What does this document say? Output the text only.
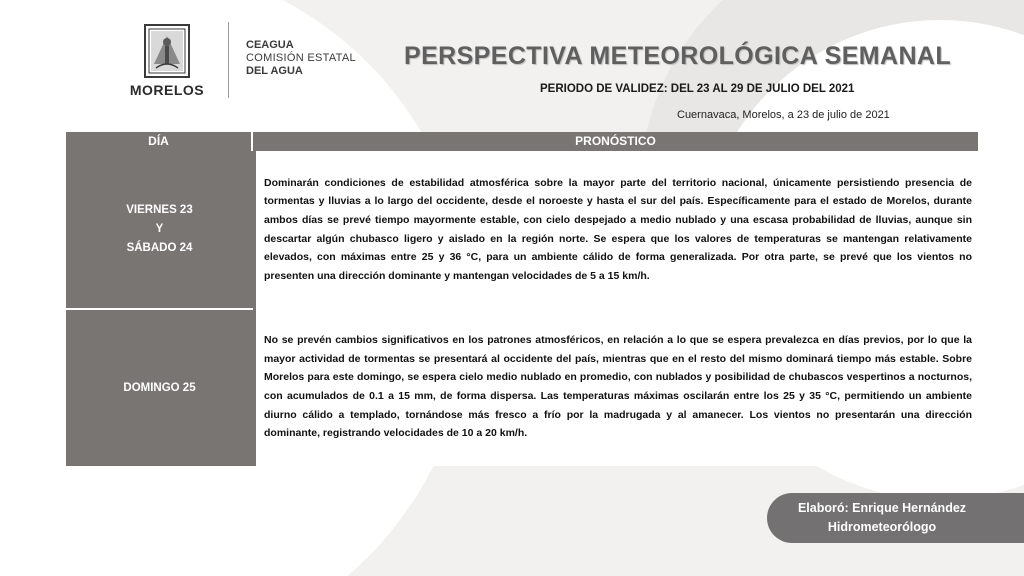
MORELOS
CEAGUA
COMISIÓN ESTATAL
DEL AGUA
PERSPECTIVA METEOROLÓGICA SEMANAL
PERIODO DE VALIDEZ: DEL 23 AL 29 DE JULIO DEL 2021
Cuernavaca, Morelos, a 23 de julio de 2021
DÍA	PRONÓSTICO
VIERNES 23
Y
SÁBADO 24

Dominarán condiciones de estabilidad atmosférica sobre la mayor parte del territorio nacional, únicamente persistiendo presencia de tormentas y lluvias a lo largo del occidente, desde el noroeste y hasta el sur del país. Específicamente para el estado de Morelos, durante ambos días se prevé tiempo mayormente estable, con cielo despejado a medio nublado y una escasa probabilidad de lluvias, aunque sin descartar algún chubasco ligero y aislado en la región norte. Se espera que los valores de temperaturas se mantengan relativamente elevados, con máximas entre 25 y 36 °C, para un ambiente cálido de forma generalizada. Por otra parte, se prevé que los vientos no presenten una dirección dominante y mantengan velocidades de 5 a 15 km/h.

DOMINGO 25

No se prevén cambios significativos en los patrones atmosféricos, en relación a lo que se espera prevalezca en días previos, por lo que la mayor actividad de tormentas se presentará al occidente del país, mientras que en el resto del mismo dominará tiempo más estable. Sobre Morelos para este domingo, se espera cielo medio nublado en promedio, con nublados y posibilidad de chubascos vespertinos a nocturnos, con acumulados de 0.1 a 15 mm, de forma dispersa. Las temperaturas máximas oscilarán entre los 25 y 35 °C, permitiendo un ambiente diurno cálido a templado, tornándose más fresco a frío por la madrugada y al amanecer. Los vientos no presentarán una dirección dominante, registrando velocidades de 10 a 20 km/h.

Elaboró: Enrique Hernández
Hidrometeorólogo
